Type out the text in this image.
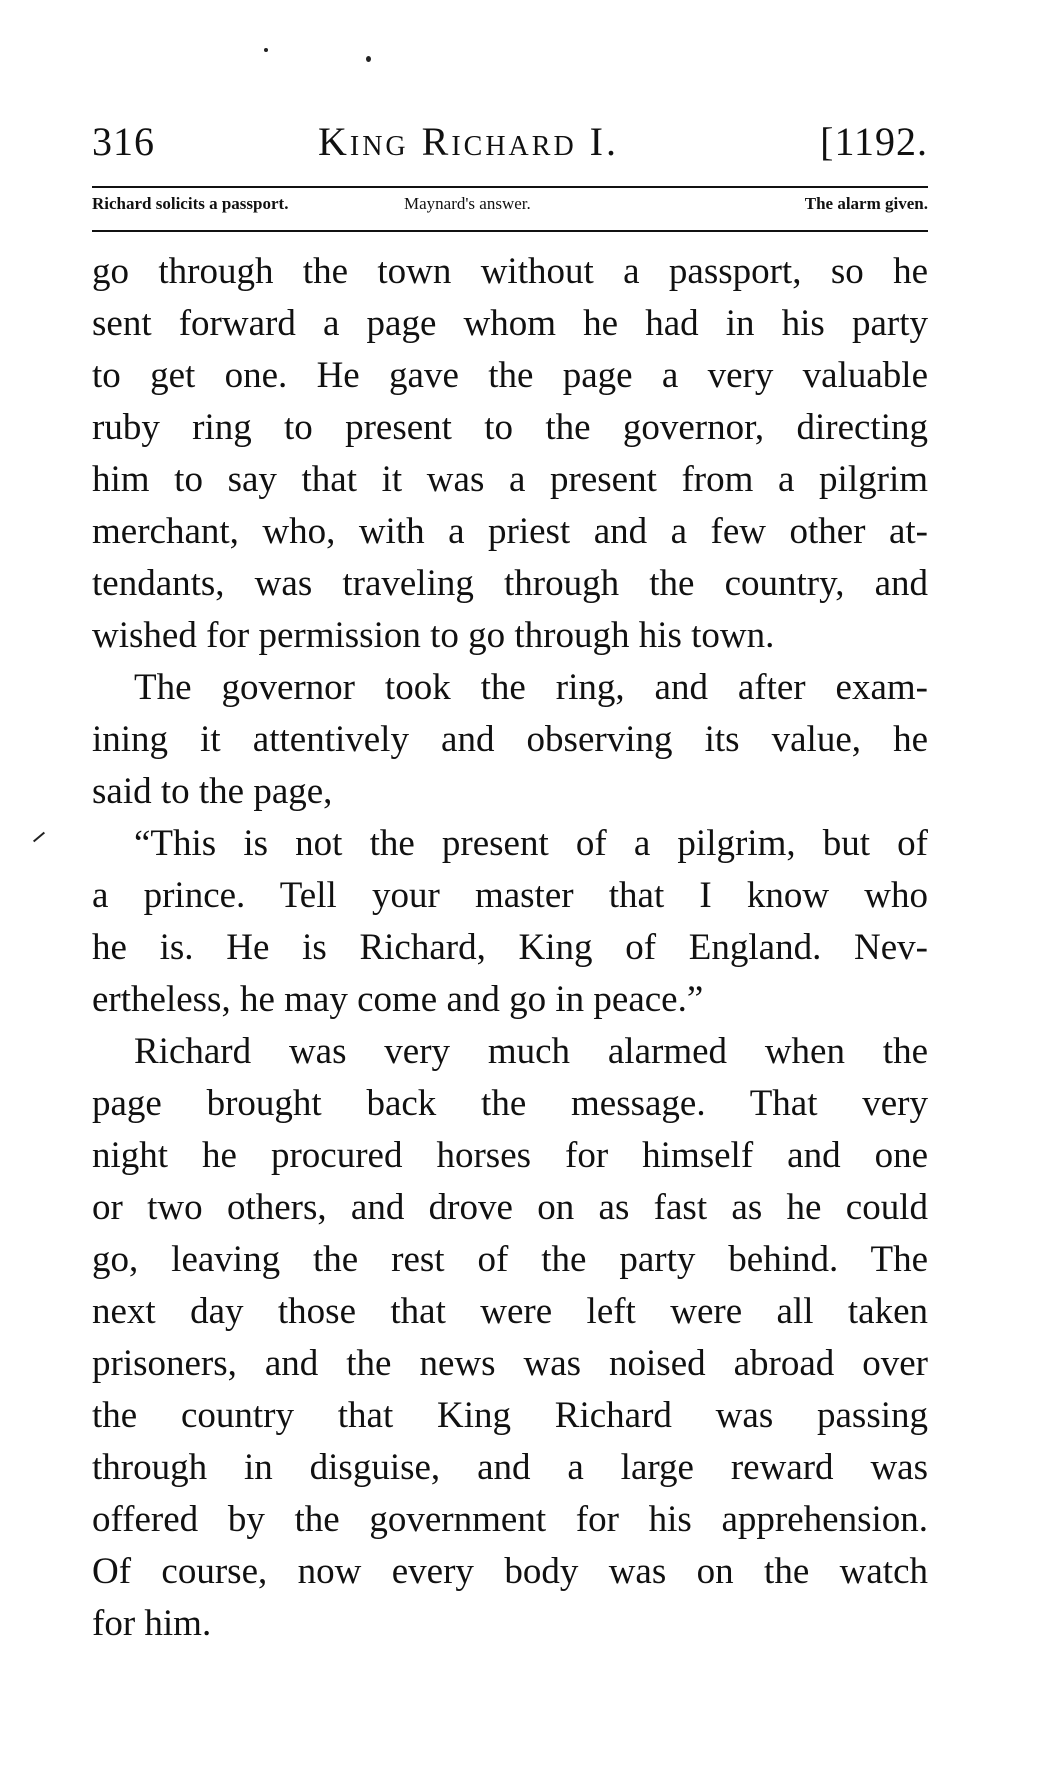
316	King Richard I.	[1192.
Richard solicits a passport.	Maynard's answer.	The alarm given.
go through the town without a passport, so he
sent forward a page whom he had in his party
to get one. He gave the page a very valuable
ruby ring to present to the governor, directing
him to say that it was a present from a pilgrim
merchant, who, with a priest and a few other at-
tendants, was traveling through the country, and
wished for permission to go through his town.
The governor took the ring, and after exam-
ining it attentively and observing its value, he
said to the page,
“This is not the present of a pilgrim, but of
a prince. Tell your master that I know who
he is. He is Richard, King of England. Nev-
ertheless, he may come and go in peace.”
Richard was very much alarmed when the
page brought back the message. That very
night he procured horses for himself and one
or two others, and drove on as fast as he could
go, leaving the rest of the party behind. The
next day those that were left were all taken
prisoners, and the news was noised abroad over
the country that King Richard was passing
through in disguise, and a large reward was
offered by the government for his apprehension.
Of course, now every body was on the watch
for him.
